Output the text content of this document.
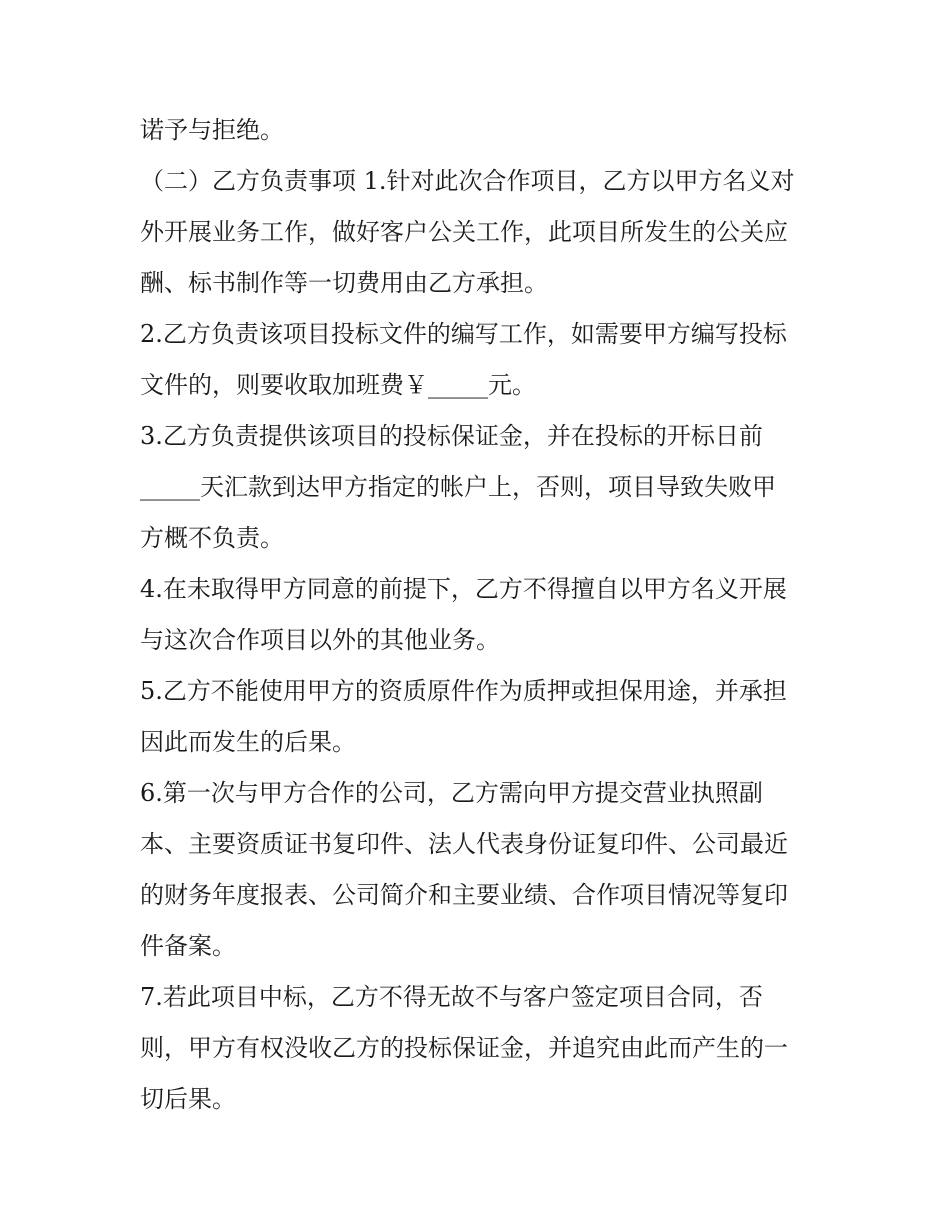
诺予与拒绝。
（二）乙方负责事项 1.针对此次合作项目，乙方以甲方名义对
外开展业务工作，做好客户公关工作，此项目所发生的公关应
酬、标书制作等一切费用由乙方承担。
2.乙方负责该项目投标文件的编写工作，如需要甲方编写投标
文件的，则要收取加班费￥_____元。
3.乙方负责提供该项目的投标保证金，并在投标的开标日前
_____天汇款到达甲方指定的帐户上，否则，项目导致失败甲
方概不负责。
4.在未取得甲方同意的前提下，乙方不得擅自以甲方名义开展
与这次合作项目以外的其他业务。
5.乙方不能使用甲方的资质原件作为质押或担保用途，并承担
因此而发生的后果。
6.第一次与甲方合作的公司，乙方需向甲方提交营业执照副
本、主要资质证书复印件、法人代表身份证复印件、公司最近
的财务年度报表、公司简介和主要业绩、合作项目情况等复印
件备案。
7.若此项目中标，乙方不得无故不与客户签定项目合同，否
则，甲方有权没收乙方的投标保证金，并追究由此而产生的一
切后果。
